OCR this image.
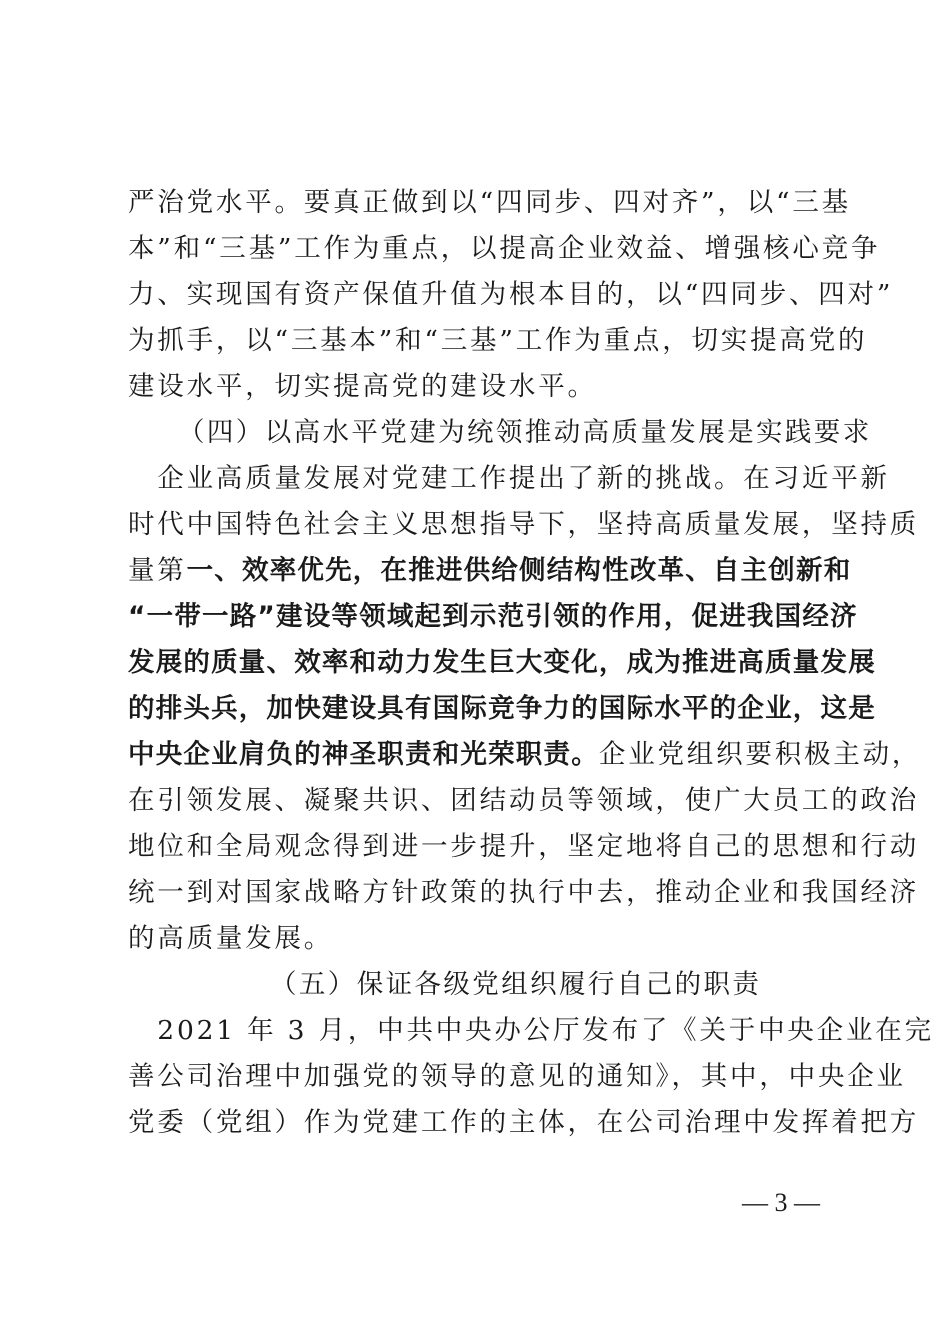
严治党水平。要真正做到以“四同步、四对齐”，以“三基
本”和“三基”工作为重点，以提高企业效益、增强核心竞争
力、实现国有资产保值升值为根本目的，以“四同步、四对”
为抓手，以“三基本”和“三基”工作为重点，切实提高党的
建设水平，切实提高党的建设水平。
（四）以高水平党建为统领推动高质量发展是实践要求
　企业高质量发展对党建工作提出了新的挑战。在习近平新
时代中国特色社会主义思想指导下，坚持高质量发展，坚持质
量第一、效率优先，在推进供给侧结构性改革、自主创新和
“一带一路”建设等领域起到示范引领的作用，促进我国经济
发展的质量、效率和动力发生巨大变化，成为推进高质量发展
的排头兵，加快建设具有国际竞争力的国际水平的企业，这是
中央企业肩负的神圣职责和光荣职责。企业党组织要积极主动，
在引领发展、凝聚共识、团结动员等领域，使广大员工的政治
地位和全局观念得到进一步提升，坚定地将自己的思想和行动
统一到对国家战略方针政策的执行中去，推动企业和我国经济
的高质量发展。
（五）保证各级党组织履行自己的职责
　2021 年 3 月，中共中央办公厅发布了《关于中央企业在完
善公司治理中加强党的领导的意见的通知》，其中，中央企业
党委（党组）作为党建工作的主体，在公司治理中发挥着把方
— 3 —
